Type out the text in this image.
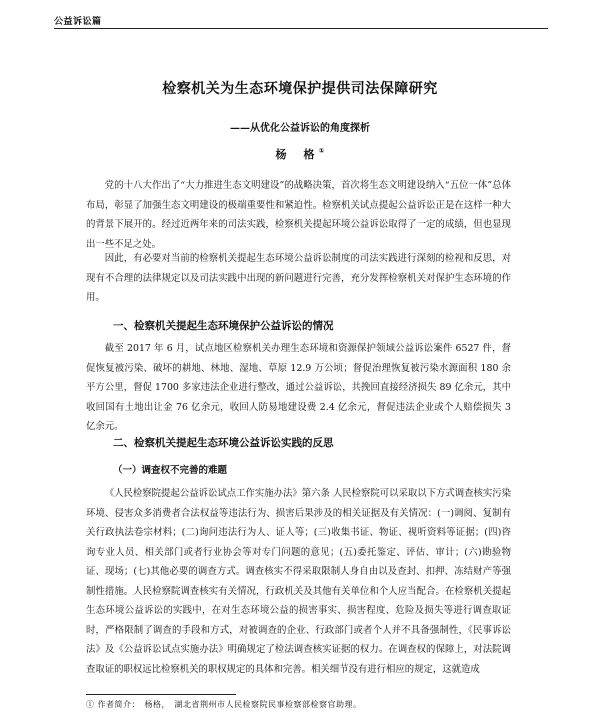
公益诉讼篇
检察机关为生态环境保护提供司法保障研究
——从优化公益诉讼的角度探析
杨　格①

党的十八大作出了“大力推进生态文明建设”的战略决策，首次将生态文明建设纳入“五位一体”总体布局，彰显了加强生态文明建设的极端重要性和紧迫性。检察机关试点提起公益诉讼正是在这样一种大的背景下展开的。经过近两年来的司法实践，检察机关提起环境公益诉讼取得了一定的成绩，但也显现出一些不足之处。

因此，有必要对当前的检察机关提起生态环境公益诉讼制度的司法实践进行深刻的检视和反思，对现有不合理的法律规定以及司法实践中出现的新问题进行完善，充分发挥检察机关对保护生态环境的作用。

一、检察机关提起生态环境保护公益诉讼的情况

截至 2017 年 6 月，试点地区检察机关办理生态环境和资源保护领域公益诉讼案件 6527 件，督促恢复被污染、破坏的耕地、林地、湿地、草原 12.9 万公顷；督促治理恢复被污染水源面积 180 余平方公里，督促 1700 多家违法企业进行整改，通过公益诉讼，共挽回直接经济损失 89 亿余元，其中收回国有土地出让金 76 亿余元，收回人防易地建设费 2.4 亿余元，督促违法企业或个人赔偿损失 3 亿余元。

二、检察机关提起生态环境公益诉讼实践的反思
（一）调查权不完善的难题

《人民检察院提起公益诉讼试点工作实施办法》第六条 人民检察院可以采取以下方式调查核实污染环境、侵害众多消费者合法权益等违法行为、损害后果涉及的相关证据及有关情况：(一)调阅、复制有关行政执法卷宗材料；(二)询问违法行为人、证人等；(三)收集书证、物证、视听资料等证据；(四)咨询专业人员、相关部门或者行业协会等对专门问题的意见；(五)委托鉴定、评估、审计；(六)勘验物证、现场；(七)其他必要的调查方式。调查核实不得采取限制人身自由以及查封、扣押、冻结财产等强制性措施。人民检察院调查核实有关情况，行政机关及其他有关单位和个人应当配合。在检察机关提起生态环境公益诉讼的实践中，在对生态环境公益的损害事实、损害程度、危险及损失等进行调查取证时，严格限制了调查的手段和方式，对被调查的企业、行政部门或者个人并不具备强制性，《民事诉讼法》及《公益诉讼试点实施办法》明确规定了检法调查核实证据的权力。在调查权的保障上，对法院调查取证的职权远比检察机关的职权规定的具体和完善。相关细节没有进行相应的规定，这就造成

① 作者简介：　杨格，　湖北省荆州市人民检察院民事检察部检察官助理。
